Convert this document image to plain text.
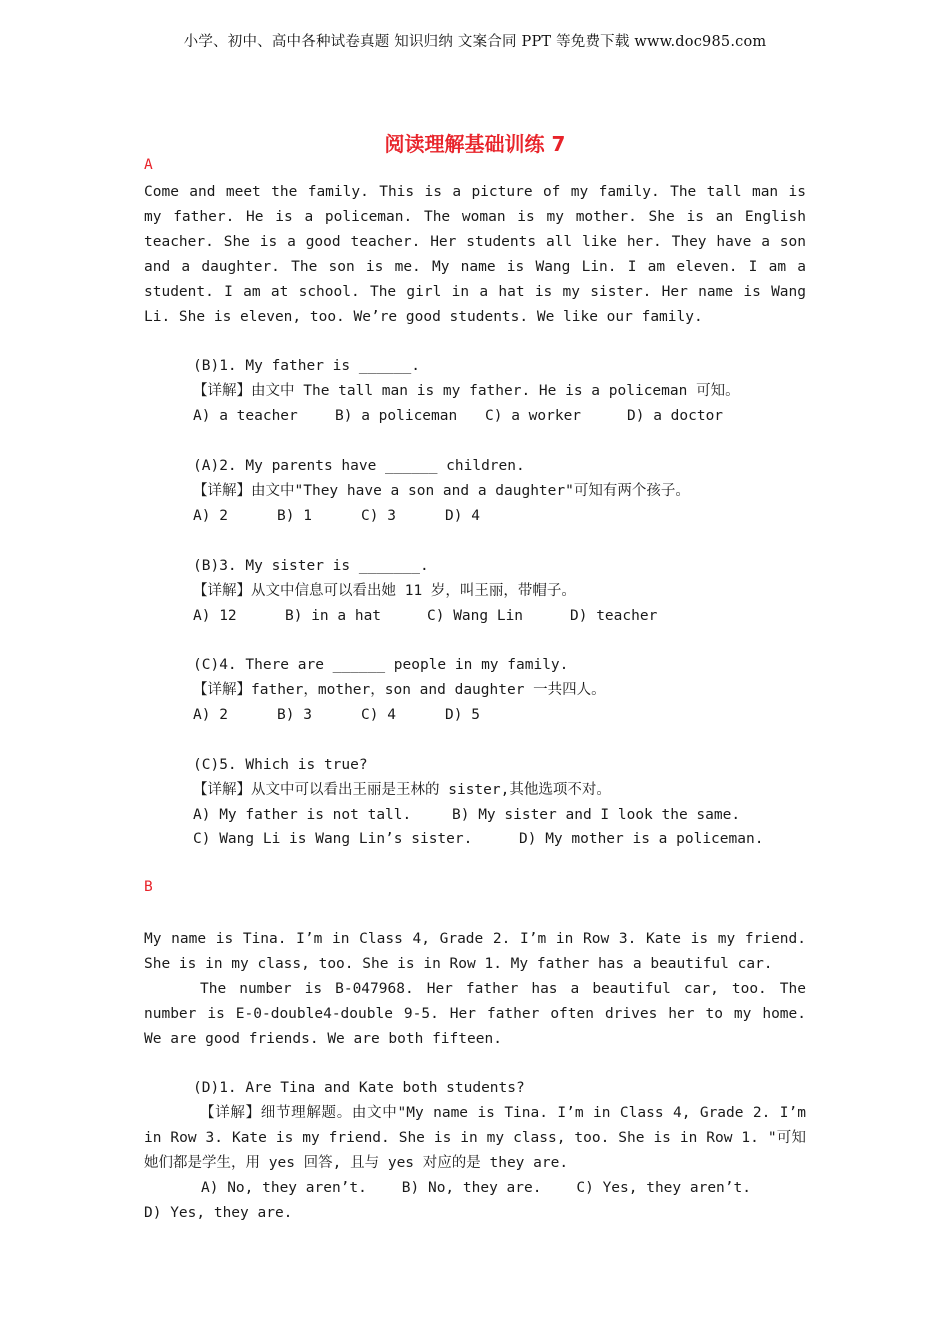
小学、初中、高中各种试卷真题 知识归纳 文案合同 PPT 等免费下载 www.doc985.com
阅读理解基础训练 7
A
Come and meet the family. This is a picture of my family. The tall man is my father. He is a policeman. The woman is my mother. She is an English teacher. She is a good teacher. Her students all like her. They have a son and a daughter. The son is me. My name is Wang Lin. I am eleven. I am a student. I am at school. The girl in a hat is my sister. Her name is Wang Li. She is eleven, too. We’re good students. We like our family.
(B)1. My father is ______.
【详解】由文中 The tall man is my father. He is a policeman 可知。
A) a teacher	B) a policeman	C) a worker	D) a doctor
(A)2. My parents have ______ children.
【详解】由文中"They have a son and a daughter"可知有两个孩子。
A) 2	B) 1	C) 3	D) 4
(B)3. My sister is _______.
【详解】从文中信息可以看出她 11 岁，叫王丽，带帽子。
A) 12	B) in a hat	C) Wang Lin	D) teacher
(C)4. There are ______ people in my family.
【详解】father，mother，son and daughter 一共四人。
A) 2	B) 3	C) 4	D) 5
(C)5. Which is true?
【详解】从文中可以看出王丽是王林的 sister,其他选项不对。
A) My father is not tall.	B) My sister and I look the same.
C) Wang Li is Wang Lin’s sister.	D) My mother is a policeman.
B
My name is Tina. I’m in Class 4, Grade 2. I’m in Row 3. Kate is my friend. She is in my class, too. She is in Row 1. My father has a beautiful car.
The number is B-047968. Her father has a beautiful car, too. The number is E-0-double4-double 9-5. Her father often drives her to my home. We are good friends. We are both fifteen.
(D)1. Are Tina and Kate both students?
【详解】细节理解题。由文中"My name is Tina. I’m in Class 4, Grade 2. I’m in Row 3. Kate is my friend. She is in my class, too. She is in Row 1. "可知她们都是学生，用 yes 回答, 且与 yes 对应的是 they are.
A) No, they aren’t.    B) No, they are.    C) Yes, they aren’t.
D) Yes, they are.
